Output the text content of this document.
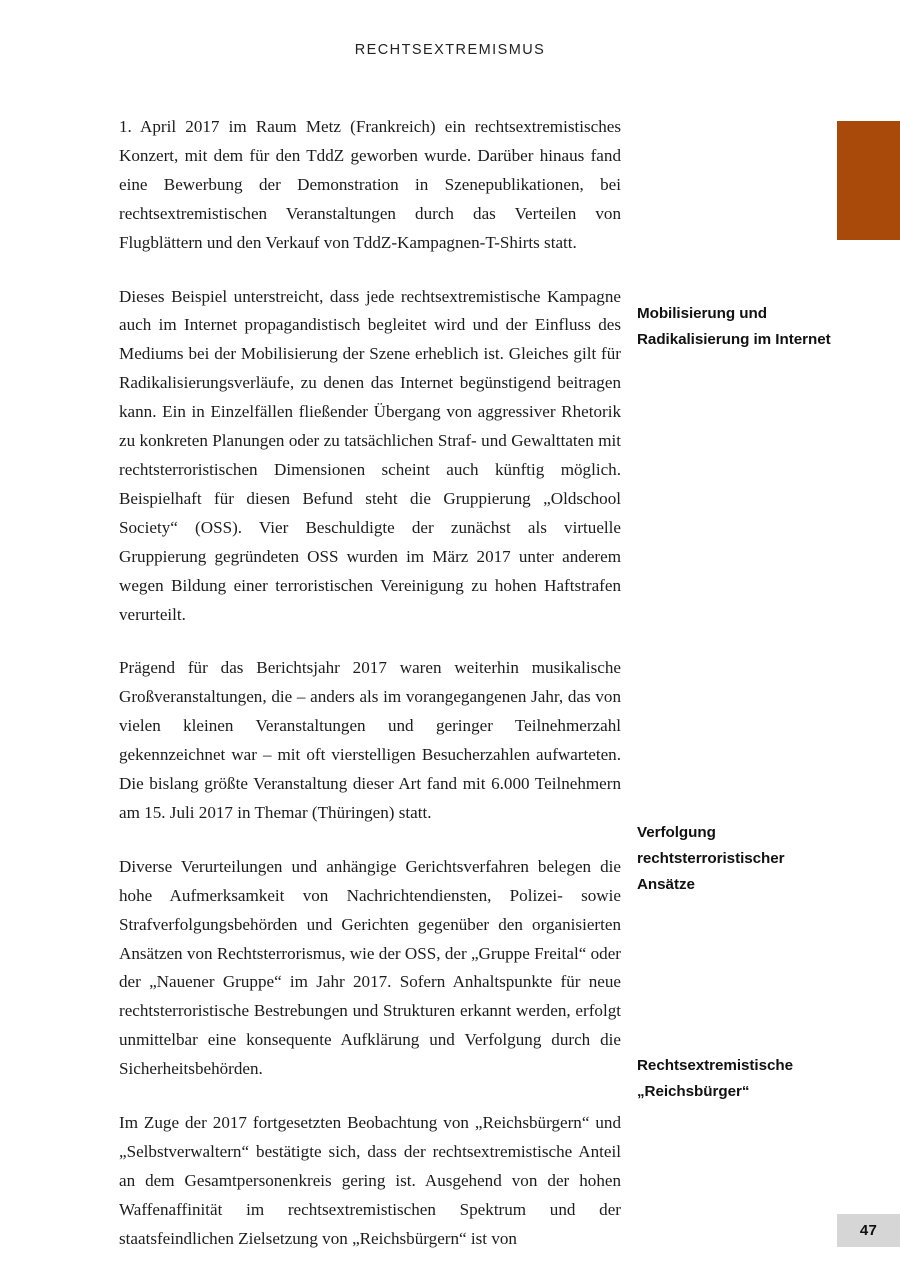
RECHTSEXTREMISMUS

1. April 2017 im Raum Metz (Frankreich) ein rechtsextremistisches Konzert, mit dem für den TddZ geworben wurde. Darüber hinaus fand eine Bewerbung der Demonstration in Szenepublikationen, bei rechtsextremistischen Veranstaltungen durch das Verteilen von Flugblättern und den Verkauf von TddZ-Kampagnen-T-Shirts statt.

Dieses Beispiel unterstreicht, dass jede rechtsextremistische Kampagne auch im Internet propagandistisch begleitet wird und der Einfluss des Mediums bei der Mobilisierung der Szene erheblich ist. Gleiches gilt für Radikalisierungsverläufe, zu denen das Internet begünstigend beitragen kann. Ein in Einzelfällen fließender Übergang von aggressiver Rhetorik zu konkreten Planungen oder zu tatsächlichen Straf- und Gewalttaten mit rechtsterroristischen Dimensionen scheint auch künftig möglich. Beispielhaft für diesen Befund steht die Gruppierung „Oldschool Society“ (OSS). Vier Beschuldigte der zunächst als virtuelle Gruppierung gegründeten OSS wurden im März 2017 unter anderem wegen Bildung einer terroristischen Vereinigung zu hohen Haftstrafen verurteilt.

Prägend für das Berichtsjahr 2017 waren weiterhin musikalische Großveranstaltungen, die – anders als im vorangegangenen Jahr, das von vielen kleinen Veranstaltungen und geringer Teilnehmerzahl gekennzeichnet war – mit oft vierstelligen Besucherzahlen aufwarteten. Die bislang größte Veranstaltung dieser Art fand mit 6.000 Teilnehmern am 15. Juli 2017 in Themar (Thüringen) statt.

Diverse Verurteilungen und anhängige Gerichtsverfahren belegen die hohe Aufmerksamkeit von Nachrichtendiensten, Polizei- sowie Strafverfolgungsbehörden und Gerichten gegenüber den organisierten Ansätzen von Rechtsterrorismus, wie der OSS, der „Gruppe Freital“ oder der „Nauener Gruppe“ im Jahr 2017. Sofern Anhaltspunkte für neue rechtsterroristische Bestrebungen und Strukturen erkannt werden, erfolgt unmittelbar eine konsequente Aufklärung und Verfolgung durch die Sicherheitsbehörden.

Im Zuge der 2017 fortgesetzten Beobachtung von „Reichsbürgern“ und „Selbstverwaltern“ bestätigte sich, dass der rechtsextremistische Anteil an dem Gesamtpersonenkreis gering ist. Ausgehend von der hohen Waffenaffinität im rechtsextremistischen Spektrum und der staatsfeindlichen Zielsetzung von „Reichsbürgern“ ist von

Mobilisierung und Radikalisierung im Internet
Verfolgung rechtsterroristischer Ansätze
Rechtsextremistische „Reichsbürger“
47
